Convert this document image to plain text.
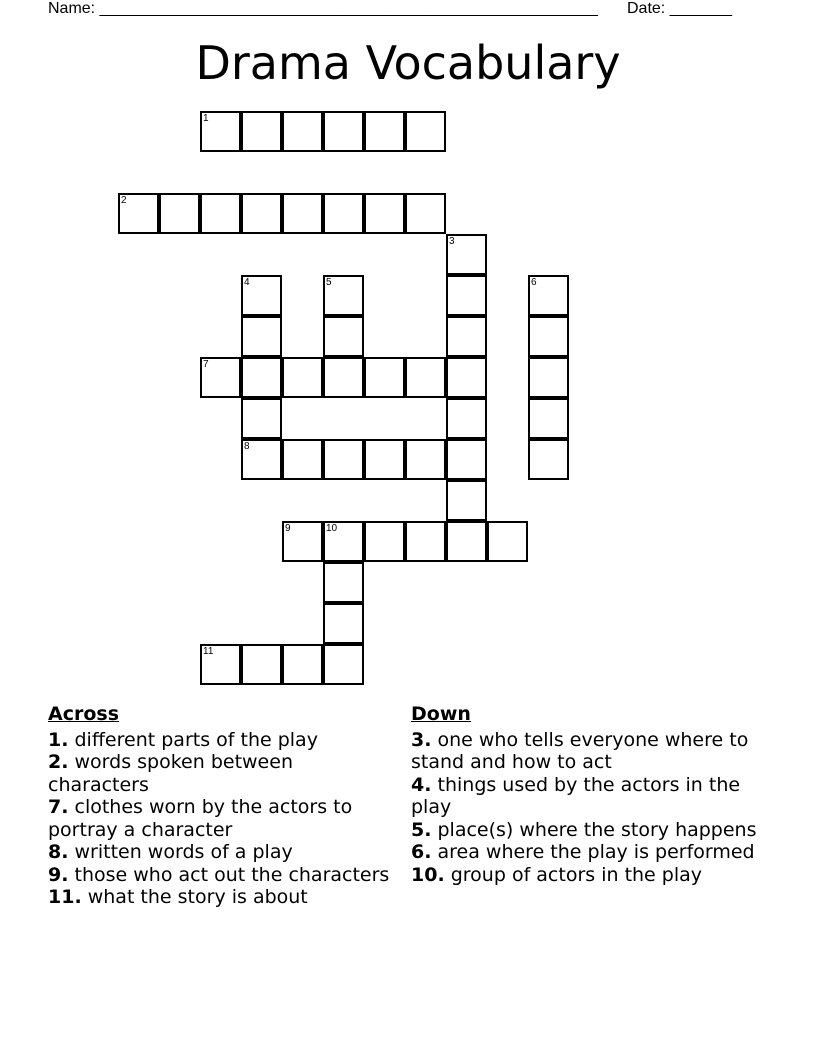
Name: ________________________________________________________ Date: _______
Drama Vocabulary
1
2
3
4
8
5	6
7
9	10
11
Across
1. different parts of the play
2. words spoken between characters
7. clothes worn by the actors to portray a character
8. written words of a play
9. those who act out the characters
11. what the story is about
Down
3. one who tells everyone where to stand and how to act
4. things used by the actors in the play
5. place(s) where the story happens
6. area where the play is performed
10. group of actors in the play
